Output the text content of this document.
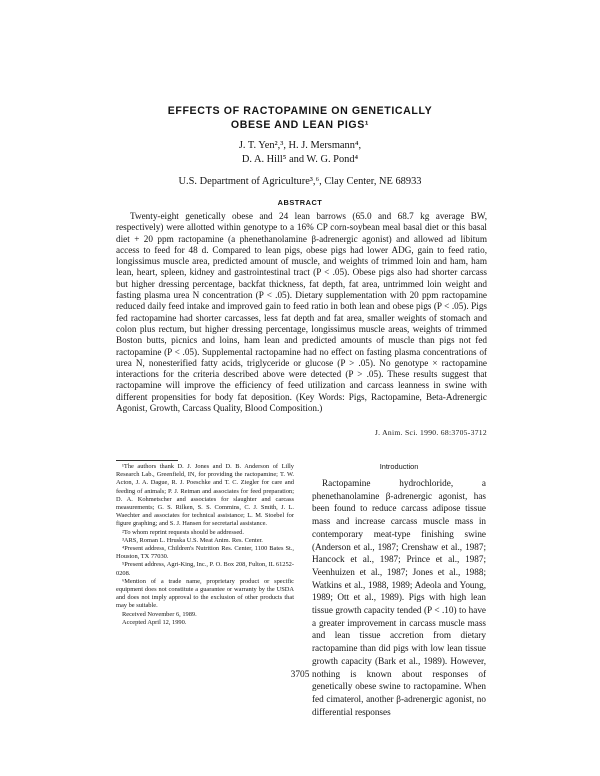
EFFECTS OF RACTOPAMINE ON GENETICALLY
OBESE AND LEAN PIGS¹
J. T. Yen²,³, H. J. Mersmann⁴,
D. A. Hill⁵ and W. G. Pond⁴
U.S. Department of Agriculture³,⁶, Clay Center, NE 68933
ABSTRACT
Twenty-eight genetically obese and 24 lean barrows (65.0 and 68.7 kg average BW, respectively) were allotted within genotype to a 16% CP corn-soybean meal basal diet or this basal diet + 20 ppm ractopamine (a phenethanolamine β-adrenergic agonist) and allowed ad libitum access to feed for 48 d. Compared to lean pigs, obese pigs had lower ADG, gain to feed ratio, longissimus muscle area, predicted amount of muscle, and weights of trimmed loin and ham, ham lean, heart, spleen, kidney and gastrointestinal tract (P < .05). Obese pigs also had shorter carcass but higher dressing percentage, backfat thickness, fat depth, fat area, untrimmed loin weight and fasting plasma urea N concentration (P < .05). Dietary supplementation with 20 ppm ractopamine reduced daily feed intake and improved gain to feed ratio in both lean and obese pigs (P < .05). Pigs fed ractopamine had shorter carcasses, less fat depth and fat area, smaller weights of stomach and colon plus rectum, but higher dressing percentage, longissimus muscle areas, weights of trimmed Boston butts, picnics and loins, ham lean and predicted amounts of muscle than pigs not fed ractopamine (P < .05). Supplemental ractopamine had no effect on fasting plasma concentrations of urea N, nonesterified fatty acids, triglyceride or glucose (P > .05). No genotype × ractopamine interactions for the criteria described above were detected (P > .05). These results suggest that ractopamine will improve the efficiency of feed utilization and carcass leanness in swine with different propensities for body fat deposition. (Key Words: Pigs, Ractopamine, Beta-Adrenergic Agonist, Growth, Carcass Quality, Blood Composition.)
J. Anim. Sci. 1990. 68:3705-3712

¹The authors thank D. J. Jones and D. B. Anderson of Lilly Research Lab., Greenfield, IN, for providing the ractopamine; T. W. Acton, J. A. Dague, R. J. Poeschke and T. C. Ziegler for care and feeding of animals; P. J. Reiman and associates for feed preparation; D. A. Kohmetscher and associates for slaughter and carcass measurements; G. S. Rilken, S. S. Commins, C. J. Smith, J. L. Waechter and associates for technical assistance; L. M. Stoebel for figure graphing; and S. J. Hansen for secretarial assistance.

²To whom reprint requests should be addressed.

³ARS, Roman L. Hruska U.S. Meat Anim. Res. Center.

⁴Present address, Children's Nutrition Res. Center, 1100 Bates St., Houston, TX 77030.

⁵Present address, Agri-King, Inc., P. O. Box 208, Fulton, IL 61252-0208.

⁶Mention of a trade name, proprietary product or specific equipment does not constitute a guarantee or warranty by the USDA and does not imply approval to the exclusion of other products that may be suitable.

Received November 6, 1989.

Accepted April 12, 1990.

Introduction
Ractopamine hydrochloride, a phenethanolamine β-adrenergic agonist, has been found to reduce carcass adipose tissue mass and increase carcass muscle mass in contemporary meat-type finishing swine (Anderson et al., 1987; Crenshaw et al., 1987; Hancock et al., 1987; Prince et al., 1987; Veenhuizen et al., 1987; Jones et al., 1988; Watkins et al., 1988, 1989; Adeola and Young, 1989; Ott et al., 1989). Pigs with high lean tissue growth capacity tended (P < .10) to have a greater improvement in carcass muscle mass and lean tissue accretion from dietary ractopamine than did pigs with low lean tissue growth capacity (Bark et al., 1989). However, nothing is known about responses of genetically obese swine to ractopamine. When fed cimaterol, another β-adrenergic agonist, no differential responses
3705
